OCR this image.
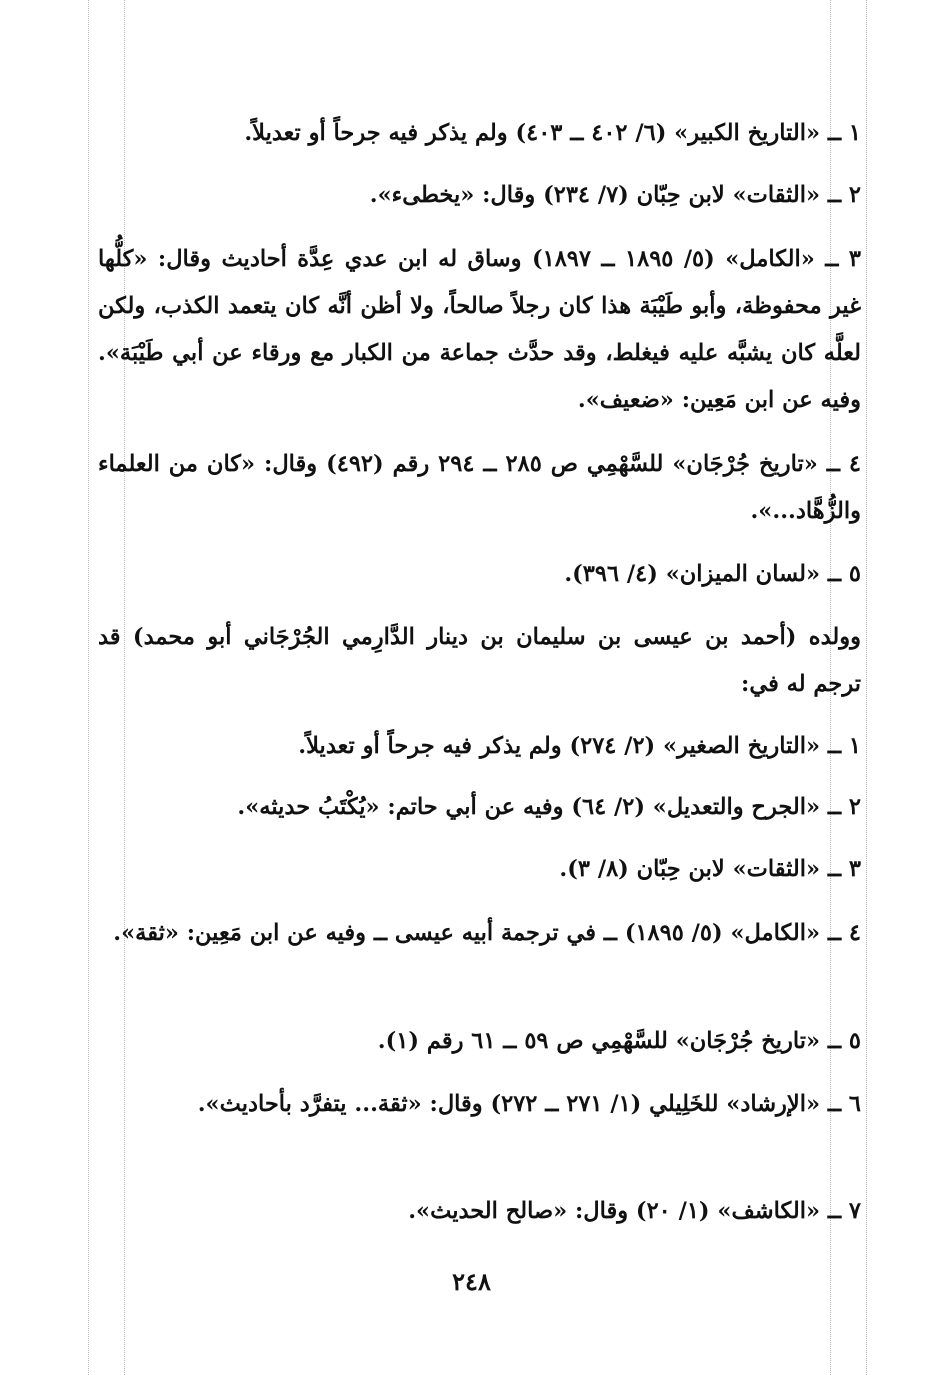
١ ــ «التاريخ الكبير» (٦/ ٤٠٢ ــ ٤٠٣) ولم يذكر فيه جرحاً أو تعديلاً.

٢ ــ «الثقات» لابن حِبّان (٧/ ٢٣٤) وقال: «يخطىء».

٣ ــ «الكامل» (٥/ ١٨٩٥ ــ ١٨٩٧) وساق له ابن عدي عِدَّة أحاديث وقال: «كلُّها غير محفوظة، وأبو طَيْبَة هذا كان رجلاً صالحاً، ولا أظن أنَّه كان يتعمد الكذب، ولكن لعلَّه كان يشبَّه عليه فيغلط، وقد حدَّث جماعة من الكبار مع ورقاء عن أبي طَيْبَة». وفيه عن ابن مَعِين: «ضعيف».

٤ ــ «تاريخ جُرْجَان» للسَّهْمِي ص ٢٨٥ ــ ٢٩٤ رقم (٤٩٢) وقال: «كان من العلماء والزُّهَّاد...».

٥ ــ «لسان الميزان» (٤/ ٣٩٦).

وولده (أحمد بن عيسى بن سليمان بن دينار الدَّارِمي الجُرْجَاني أبو محمد) قد ترجم له في:

١ ــ «التاريخ الصغير» (٢/ ٢٧٤) ولم يذكر فيه جرحاً أو تعديلاً.

٢ ــ «الجرح والتعديل» (٢/ ٦٤) وفيه عن أبي حاتم: «يُكْتَبُ حديثه».

٣ ــ «الثقات» لابن حِبّان (٨/ ٣).

٤ ــ «الكامل» (٥/ ١٨٩٥) ــ في ترجمة أبيه عيسى ــ وفيه عن ابن مَعِين: «ثقة».

٥ ــ «تاريخ جُرْجَان» للسَّهْمِي ص ٥٩ ــ ٦١ رقم (١).

٦ ــ «الإرشاد» للخَلِيلي (١/ ٢٧١ ــ ٢٧٢) وقال: «ثقة... يتفرَّد بأحاديث».

٧ ــ «الكاشف» (١/ ٢٠) وقال: «صالح الحديث».

٢٤٨
